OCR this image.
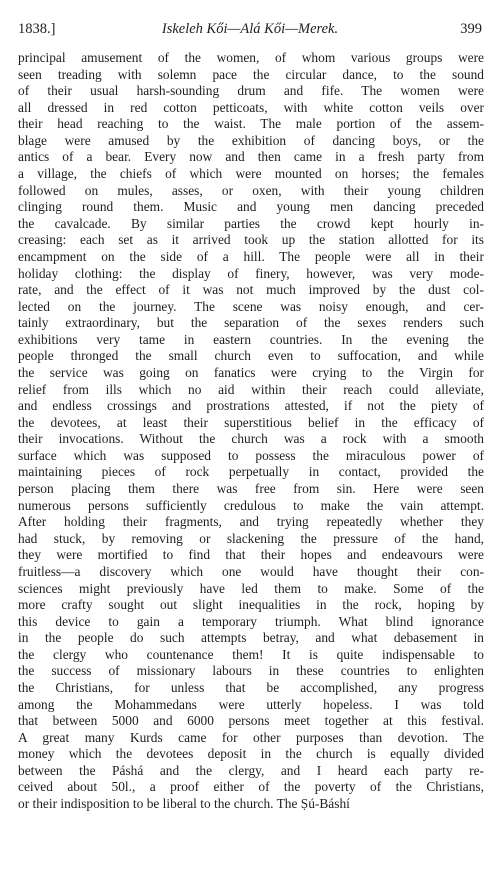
1838.]	Iskeleh Kői—Alá Kői—Merek.	399
principal amusement of the women, of whom various groups were
seen treading with solemn pace the circular dance, to the sound
of their usual harsh-sounding drum and fife. The women were
all dressed in red cotton petticoats, with white cotton veils over
their head reaching to the waist. The male portion of the assem-
blage were amused by the exhibition of dancing boys, or the
antics of a bear. Every now and then came in a fresh party from
a village, the chiefs of which were mounted on horses; the females
followed on mules, asses, or oxen, with their young children
clinging round them. Music and young men dancing preceded
the cavalcade. By similar parties the crowd kept hourly in-
creasing: each set as it arrived took up the station allotted for its
encampment on the side of a hill. The people were all in their
holiday clothing: the display of finery, however, was very mode-
rate, and the effect of it was not much improved by the dust col-
lected on the journey. The scene was noisy enough, and cer-
tainly extraordinary, but the separation of the sexes renders such
exhibitions very tame in eastern countries. In the evening the
people thronged the small church even to suffocation, and while
the service was going on fanatics were crying to the Virgin for
relief from ills which no aid within their reach could alleviate,
and endless crossings and prostrations attested, if not the piety of
the devotees, at least their superstitious belief in the efficacy of
their invocations. Without the church was a rock with a smooth
surface which was supposed to possess the miraculous power of
maintaining pieces of rock perpetually in contact, provided the
person placing them there was free from sin. Here were seen
numerous persons sufficiently credulous to make the vain attempt.
After holding their fragments, and trying repeatedly whether they
had stuck, by removing or slackening the pressure of the hand,
they were mortified to find that their hopes and endeavours were
fruitless—a discovery which one would have thought their con-
sciences might previously have led them to make. Some of the
more crafty sought out slight inequalities in the rock, hoping by
this device to gain a temporary triumph. What blind ignorance
in the people do such attempts betray, and what debasement in
the clergy who countenance them! It is quite indispensable to
the success of missionary labours in these countries to enlighten
the Christians, for unless that be accomplished, any progress
among the Mohammedans were utterly hopeless. I was told
that between 5000 and 6000 persons meet together at this festival.
A great many Kurds came for other purposes than devotion. The
money which the devotees deposit in the church is equally divided
between the Páshá and the clergy, and I heard each party re-
ceived about 50l., a proof either of the poverty of the Christians,
or their indisposition to be liberal to the church. The Ṣú-Báshí
